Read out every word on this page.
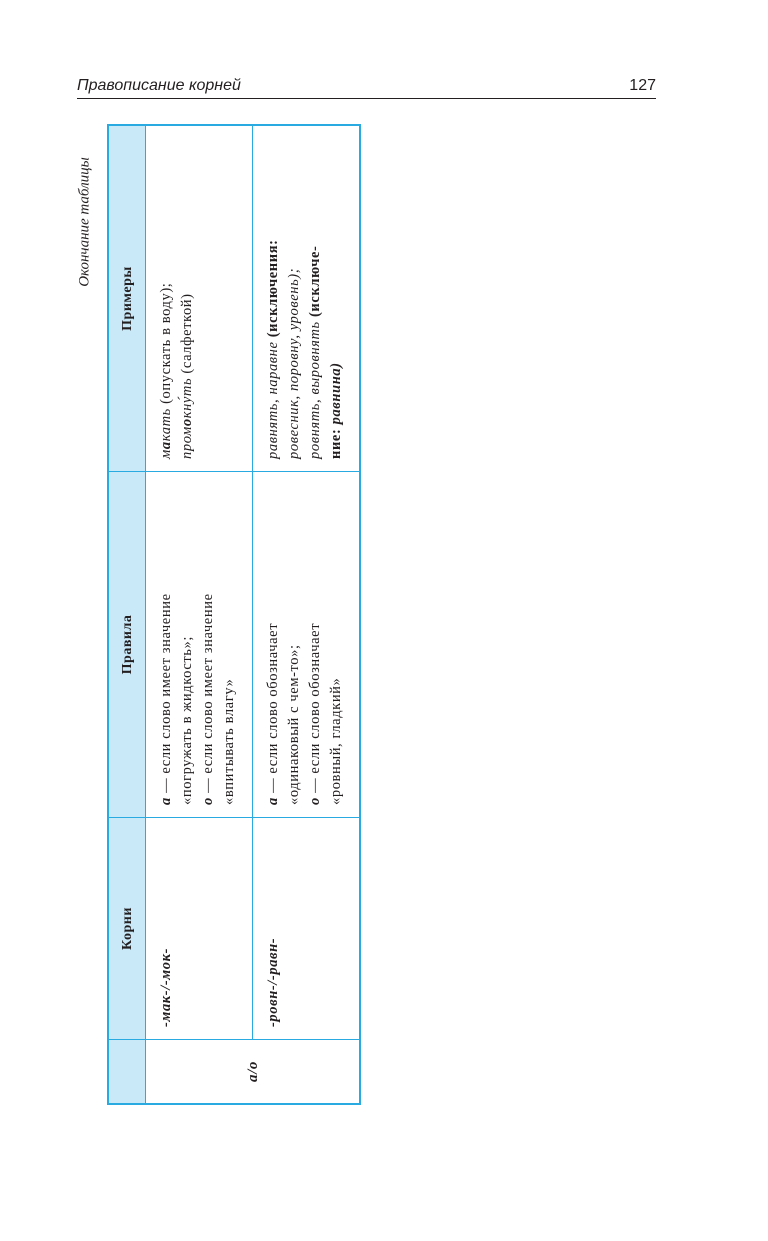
Правописание корней	127
Окончание таблицы
Корни
Правила
Примеры
а/о
-мак-/-мок-
а — если слово имеет значение «погружать в жидкость»; о — если слово имеет значение «впитывать влагу»
макать (опускать в воду);
промокну́ть (салфеткой)
-ровн-/-равн-
а — если слово обозначает «одинаковый с чем-то»; о — если слово обозначает «ровный, гладкий»
равнять, наравне (исключения: ровесник, поровну, уровень); ровнять, выровнять (исключе-
ние: равнина)
